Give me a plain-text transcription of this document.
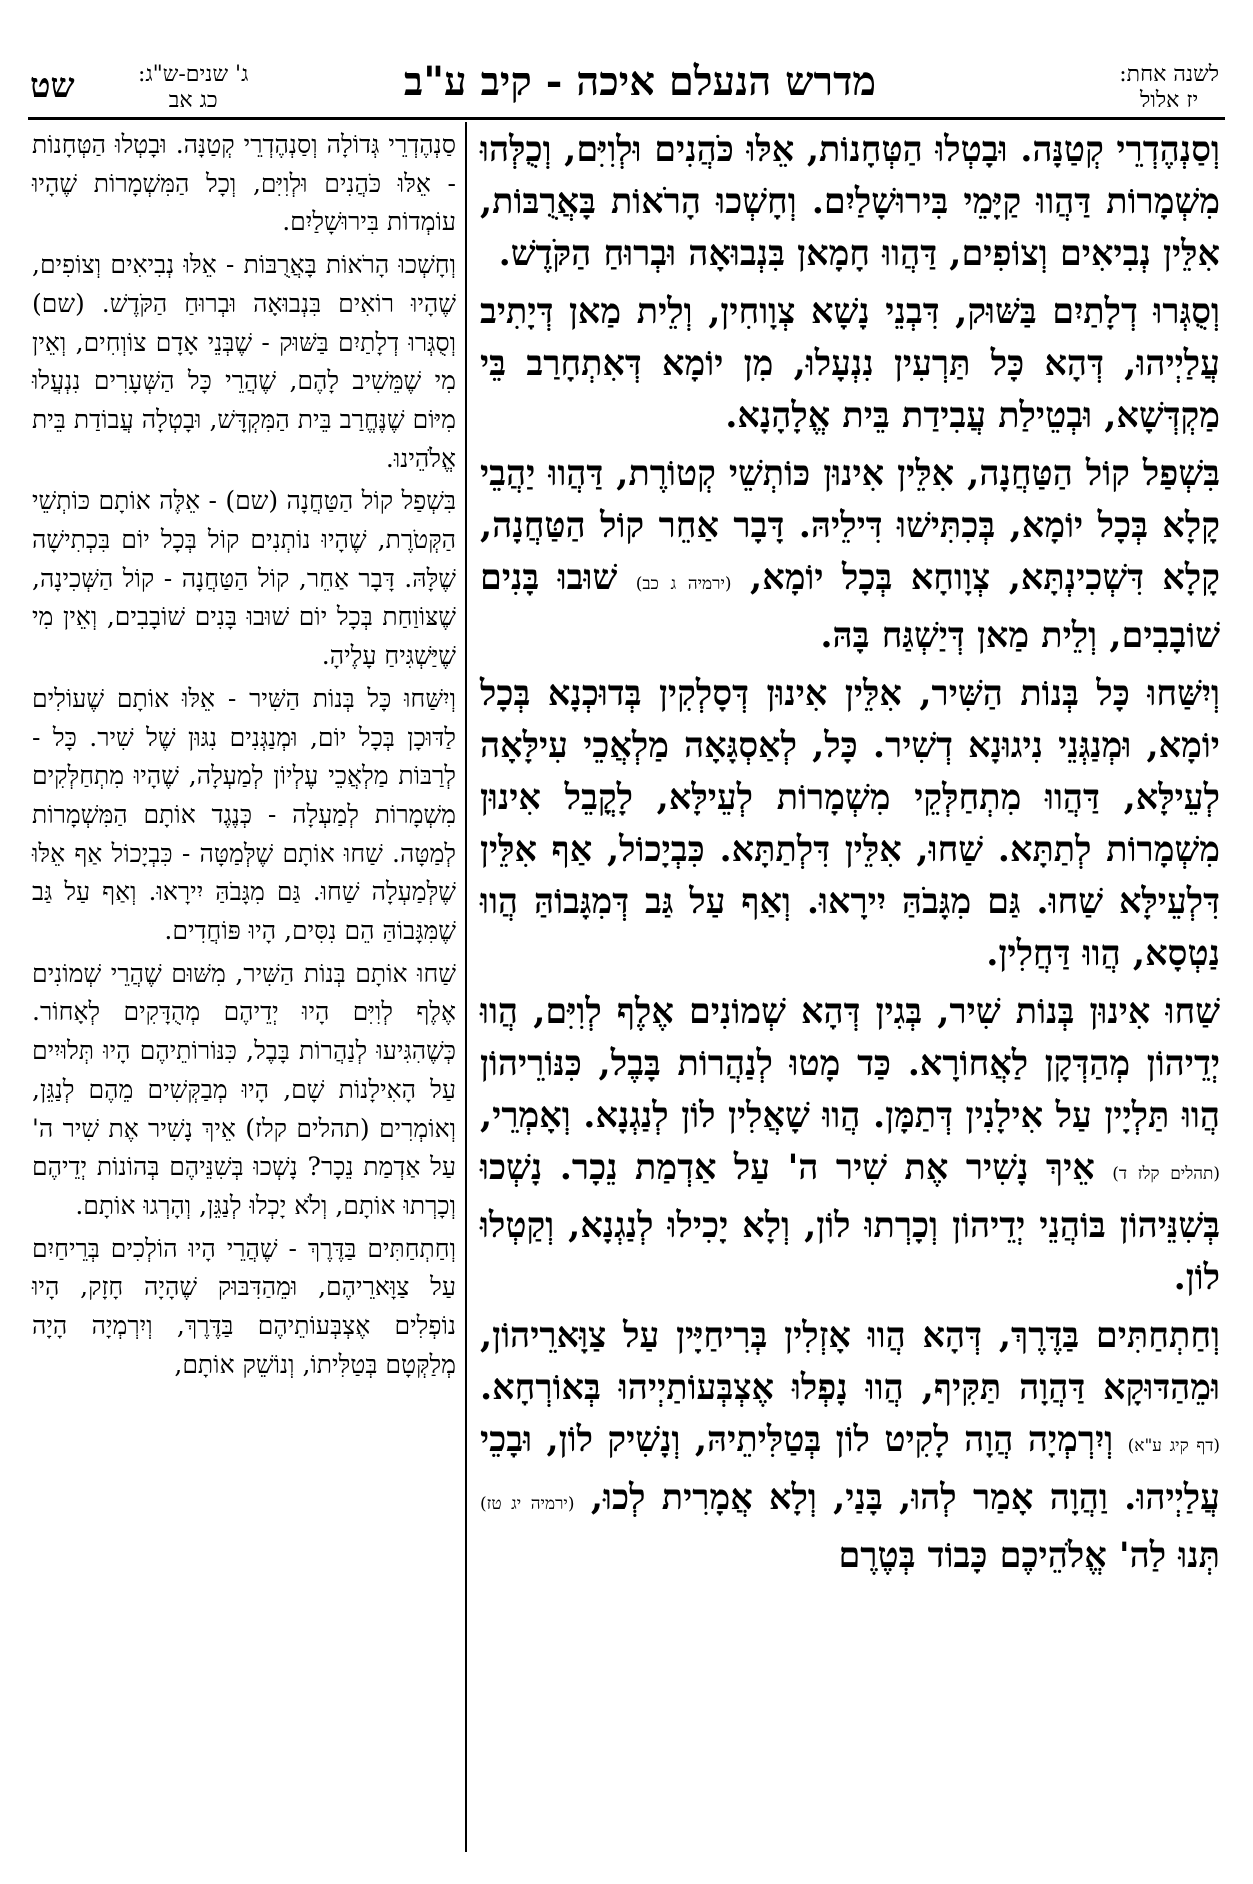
שט	ג' שנים-ש"ג:
כג אב	מדרש הנעלם איכה - קיב ע"ב	לשנה אחת:
יז אלול

וְסַנְהֶדְרֵי קְטַנָּה. וּבָטְלוּ הַטְּחָנוֹת, אֵלּוּ כֹּהֲנִים וּלְוִיִּם, וְכֻלְּהוּ מִשְׁמָרוֹת דַּהֲווּ קַיָּמֵי בִּירוּשָׁלַיִם. וְחָשְׁכוּ הָרֹאוֹת בָּאֲרֻבּוֹת, אִלֵּין נְבִיאִים וְצוֹפִים, דַּהֲווּ חָמָאן בִּנְבוּאָה וּבְרוּחַ הַקֹּדֶשׁ.

וְסֻגְּרוּ דְלָתַיִם בַּשּׁוּק, דִּבְנֵי נָשָׁא צְוָוחִין, וְלֵית מַאן דְּיָתִיב עֲלַיְיהוּ, דְּהָא כָּל תַּרְעִין נִנְעָלוּ, מִן יוֹמָא דְּאִתְחָרַב בֵּי מַקְדְּשָׁא, וּבְטֵילַת עֲבִידַת בֵּית אֱלָהָנָא.

בִּשְׁפַל קוֹל הַטַּחֲנָה, אִלֵּין אִינוּן כּוֹתְשֵׁי קְטוֹרֶת, דַּהֲווּ יַהֲבֵי קָלָא בְּכָל יוֹמָא, בְּכִתִּישׁוּ דִּילֵיהּ. דָּבָר אַחֵר קוֹל הַטַּחֲנָה, קָלָא דִּשְׁכִינְתָּא, צְוָוחָא בְּכָל יוֹמָא, (ירמיה ג כב) שׁוּבוּ בָּנִים שׁוֹבָבִים, וְלֵית מַאן דְּיַשְׁגַּח בָּהּ.

וְיִשַּׁחוּ כָּל בְּנוֹת הַשִּׁיר, אִלֵּין אִינוּן דְּסָלְקִין בְּדוּכְנָא בְּכָל יוֹמָא, וּמְנַגְּנֵי נִיגוּנָא דְשִׁיר. כָּל, לְאַסְגָּאָה מַלְאֲכֵי עִילָּאָה לְעֵילָּא, דַּהֲווּ מִתְחַלְּקֵי מִשְׁמָרוֹת לְעֵילָּא, לָקֳבֵל אִינוּן מִשְׁמָרוֹת לְתַתָּא. שַׁחוּ, אִלֵּין דִּלְתַתָּא. כִּבְיָכוֹל, אַף אִלֵּין דִּלְעֵילָּא שַׁחוּ. גַּם מִגָּבֹהַּ יִירָאוּ. וְאַף עַל גַּב דְּמִגָּבוֹהַּ הֲווּ נַטְסָא, הֲווּ דַּחֲלִין.

שַׁחוּ אִינוּן בְּנוֹת שִׁיר, בְּגִין דְּהָא שְׁמוֹנִים אֶלֶף לְוִיִּם, הֲווּ יְדֵיהוֹן מְהַדְּקָן לַאֲחוֹרָא. כַּד מָטוּ לְנַהֲרוֹת בָּבֶל, כִּנּוֹרֵיהוֹן הֲווּ תַּלְיָין עַל אִילָנִין דְּתַמָּן. הֲווּ שָׁאֲלִין לוֹן לְנַגְנָא. וְאָמְרֵי, (תהלים קלז ד) אֵיךְ נָשִׁיר אֶת שִׁיר ה' עַל אַדְמַת נֵכָר. נָשְׁכוּ בְּשִׁנֵּיהוֹן בּוֹהֲנֵי יְדֵיהוֹן וְכָרְתוּ לוֹן, וְלָא יָכִילוּ לְנַגְנָא, וְקַטְלוּ לוֹן.

וְחַתְחַתִּים בַּדֶּרֶךְ, דְּהָא הֲווּ אָזְלִין בְּרִיחַיָּין עַל צַוָּארֵיהוֹן, וּמֵהַדּוּקָא דַּהֲוָה תַּקִּיף, הֲווּ נָפְלוּ אֶצְבְּעוֹתַיְיהוּ בְּאוֹרְחָא. (דף קיג ע"א) וְיִרְמְיָה הֲוָה לָקִיט לוֹן בְּטַלִּיתֵיהּ, וְנָשִׁיק לוֹן, וּבָכֵי עֲלַיְיהוּ. וַהֲוָה אָמַר לְהוּ, בָּנַי, וְלָא אֲמָרִית לְכוּ, (ירמיה יג טז) תְּנוּ לַה' אֱלֹהֵיכֶם כָּבוֹד בְּטֶרֶם

סַנְהֶדְרֵי גְּדוֹלָה וְסַנְהֶדְרֵי קְטַנָּה. וּבָטְלוּ הַטְּחָנוֹת - אֵלּוּ כֹּהֲנִים וּלְוִיִּם, וְכָל הַמִּשְׁמָרוֹת שֶׁהָיוּ עוֹמְדוֹת בִּירוּשָׁלַיִם.

וְחָשְׁכוּ הָרֹאוֹת בָּאֲרֻבּוֹת - אֵלּוּ נְבִיאִים וְצוֹפִים, שֶׁהָיוּ רוֹאִים בִּנְבוּאָה וּבְרוּחַ הַקֹּדֶשׁ. (שם) וְסֻגְּרוּ דְלָתַיִם בַּשּׁוּק - שֶׁבְּנֵי אָדָם צוֹוְחִים, וְאֵין מִי שֶׁמֵּשִׁיב לָהֶם, שֶׁהֲרֵי כָּל הַשְּׁעָרִים נִנְעֲלוּ מִיּוֹם שֶׁנֶּחֱרַב בֵּית הַמִּקְדָּשׁ, וּבָטְלָה עֲבוֹדַת בֵּית אֱלֹהֵינוּ.

בִּשְׁפַל קוֹל הַטַּחֲנָה (שם) - אֵלֶּה אוֹתָם כּוֹתְשֵׁי הַקְּטֹרֶת, שֶׁהָיוּ נוֹתְנִים קוֹל בְּכָל יוֹם בִּכְתִישָׁה שֶׁלָּהּ. דָּבָר אַחֵר, קוֹל הַטַּחֲנָה - קוֹל הַשְּׁכִינָה, שֶׁצּוֹוַחַת בְּכָל יוֹם שׁוּבוּ בָּנִים שׁוֹבָבִים, וְאֵין מִי שֶׁיַּשְׁגִּיחַ עָלֶיהָ.

וְיִשַּׁחוּ כָּל בְּנוֹת הַשִּׁיר - אֵלּוּ אוֹתָם שֶׁעוֹלִים לַדּוּכָן בְּכָל יוֹם, וּמְנַגְּנִים נִגּוּן שֶׁל שִׁיר. כָּל - לְרַבּוֹת מַלְאֲכֵי עֶלְיוֹן לְמַעְלָה, שֶׁהָיוּ מִתְחַלְּקִים מִשְׁמָרוֹת לְמַעְלָה - כְּנֶגֶד אוֹתָם הַמִּשְׁמָרוֹת לְמַטָּה. שַׁחוּ אוֹתָם שֶׁלְּמַטָּה - כִּבְיָכוֹל אַף אֵלּוּ שֶׁלְּמַעְלָה שַׁחוּ. גַּם מִגָּבֹהַּ יִירָאוּ. וְאַף עַל גַּב שֶׁמִּגָּבוֹהַּ הֵם נִסִּים, הָיוּ פּוֹחֲדִים.

שַׁחוּ אוֹתָם בְּנוֹת הַשִּׁיר, מִשּׁוּם שֶׁהֲרֵי שְׁמוֹנִים אֶלֶף לְוִיִּם הָיוּ יְדֵיהֶם מְהֻדָּקִים לְאָחוֹר. כְּשֶׁהִגִּיעוּ לְנַהֲרוֹת בָּבֶל, כִּנּוֹרוֹתֵיהֶם הָיוּ תְּלוּיִים עַל הָאִילָנוֹת שָׁם, הָיוּ מְבַקְּשִׁים מֵהֶם לְנַגֵּן, וְאוֹמְרִים (תהלים קלז) אֵיךְ נָשִׁיר אֶת שִׁיר ה' עַל אַדְמַת נֵכָר? נָשְׁכוּ בְּשִׁנֵּיהֶם בְּהוֹנוֹת יְדֵיהֶם וְכָרְתוּ אוֹתָם, וְלֹא יָכְלוּ לְנַגֵּן, וְהָרְגוּ אוֹתָם.

וְחַתְחַתִּים בַּדֶּרֶךְ - שֶׁהֲרֵי הָיוּ הוֹלְכִים בְּרֵיחַיִם עַל צַוָּארֵיהֶם, וּמֵהַדִּבּוּק שֶׁהָיָה חָזָק, הָיוּ נוֹפְלִים אֶצְבְּעוֹתֵיהֶם בַּדֶּרֶךְ, וְיִרְמְיָה הָיָה מְלַקְּטָם בְּטַלִּיתוֹ, וְנוֹשֵׁק אוֹתָם,
